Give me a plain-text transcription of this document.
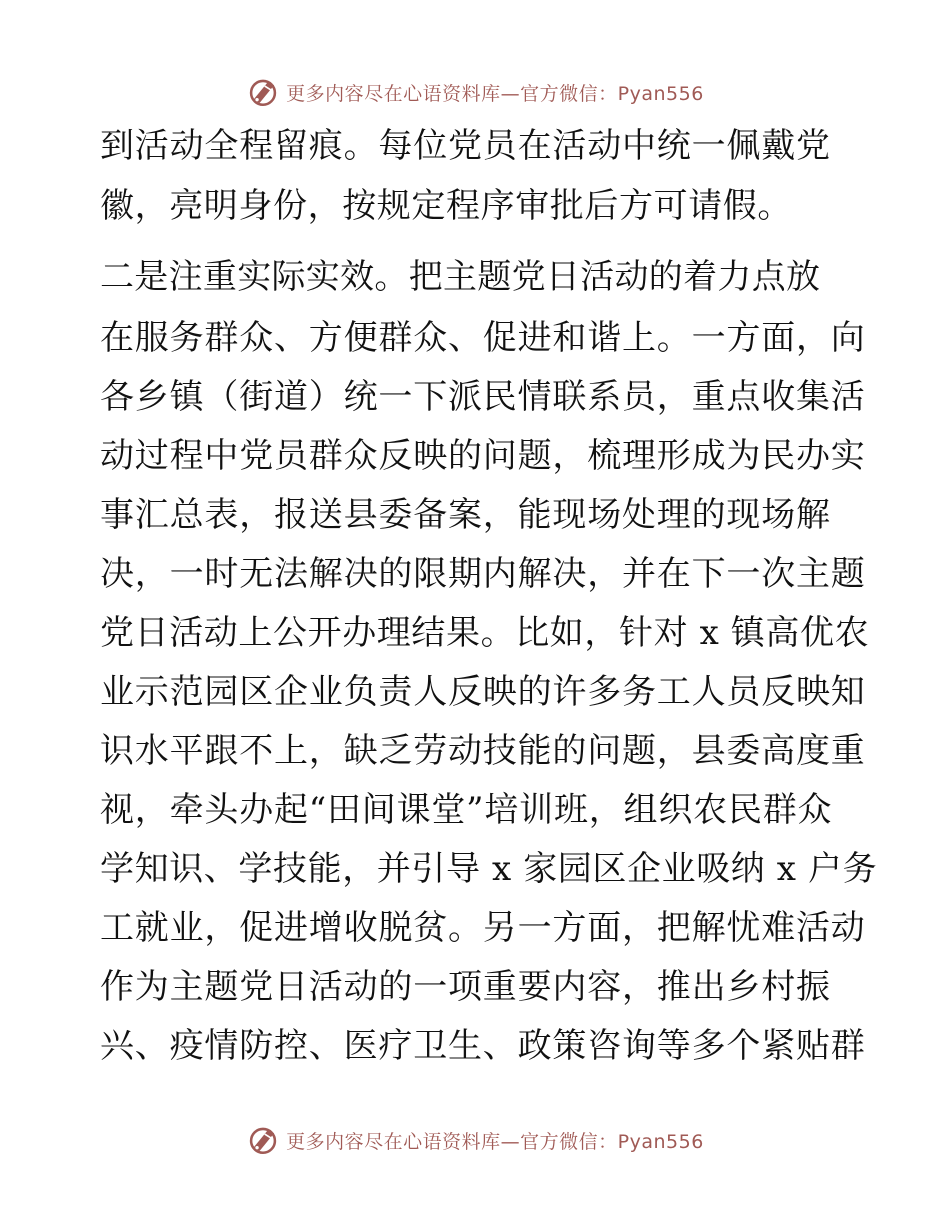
更多内容尽在心语资料库—官方微信：Pyan556
到活动全程留痕。每位党员在活动中统一佩戴党
徽，亮明身份，按规定程序审批后方可请假。
二是注重实际实效。把主题党日活动的着力点放
在服务群众、方便群众、促进和谐上。一方面，向
各乡镇（街道）统一下派民情联系员，重点收集活
动过程中党员群众反映的问题，梳理形成为民办实
事汇总表，报送县委备案，能现场处理的现场解
决，一时无法解决的限期内解决，并在下一次主题
党日活动上公开办理结果。比如，针对 x 镇高优农
业示范园区企业负责人反映的许多务工人员反映知
识水平跟不上，缺乏劳动技能的问题，县委高度重
视，牵头办起“田间课堂”培训班，组织农民群众
学知识、学技能，并引导 x 家园区企业吸纳 x 户务
工就业，促进增收脱贫。另一方面，把解忧难活动
作为主题党日活动的一项重要内容，推出乡村振
兴、疫情防控、医疗卫生、政策咨询等多个紧贴群
更多内容尽在心语资料库—官方微信：Pyan556
